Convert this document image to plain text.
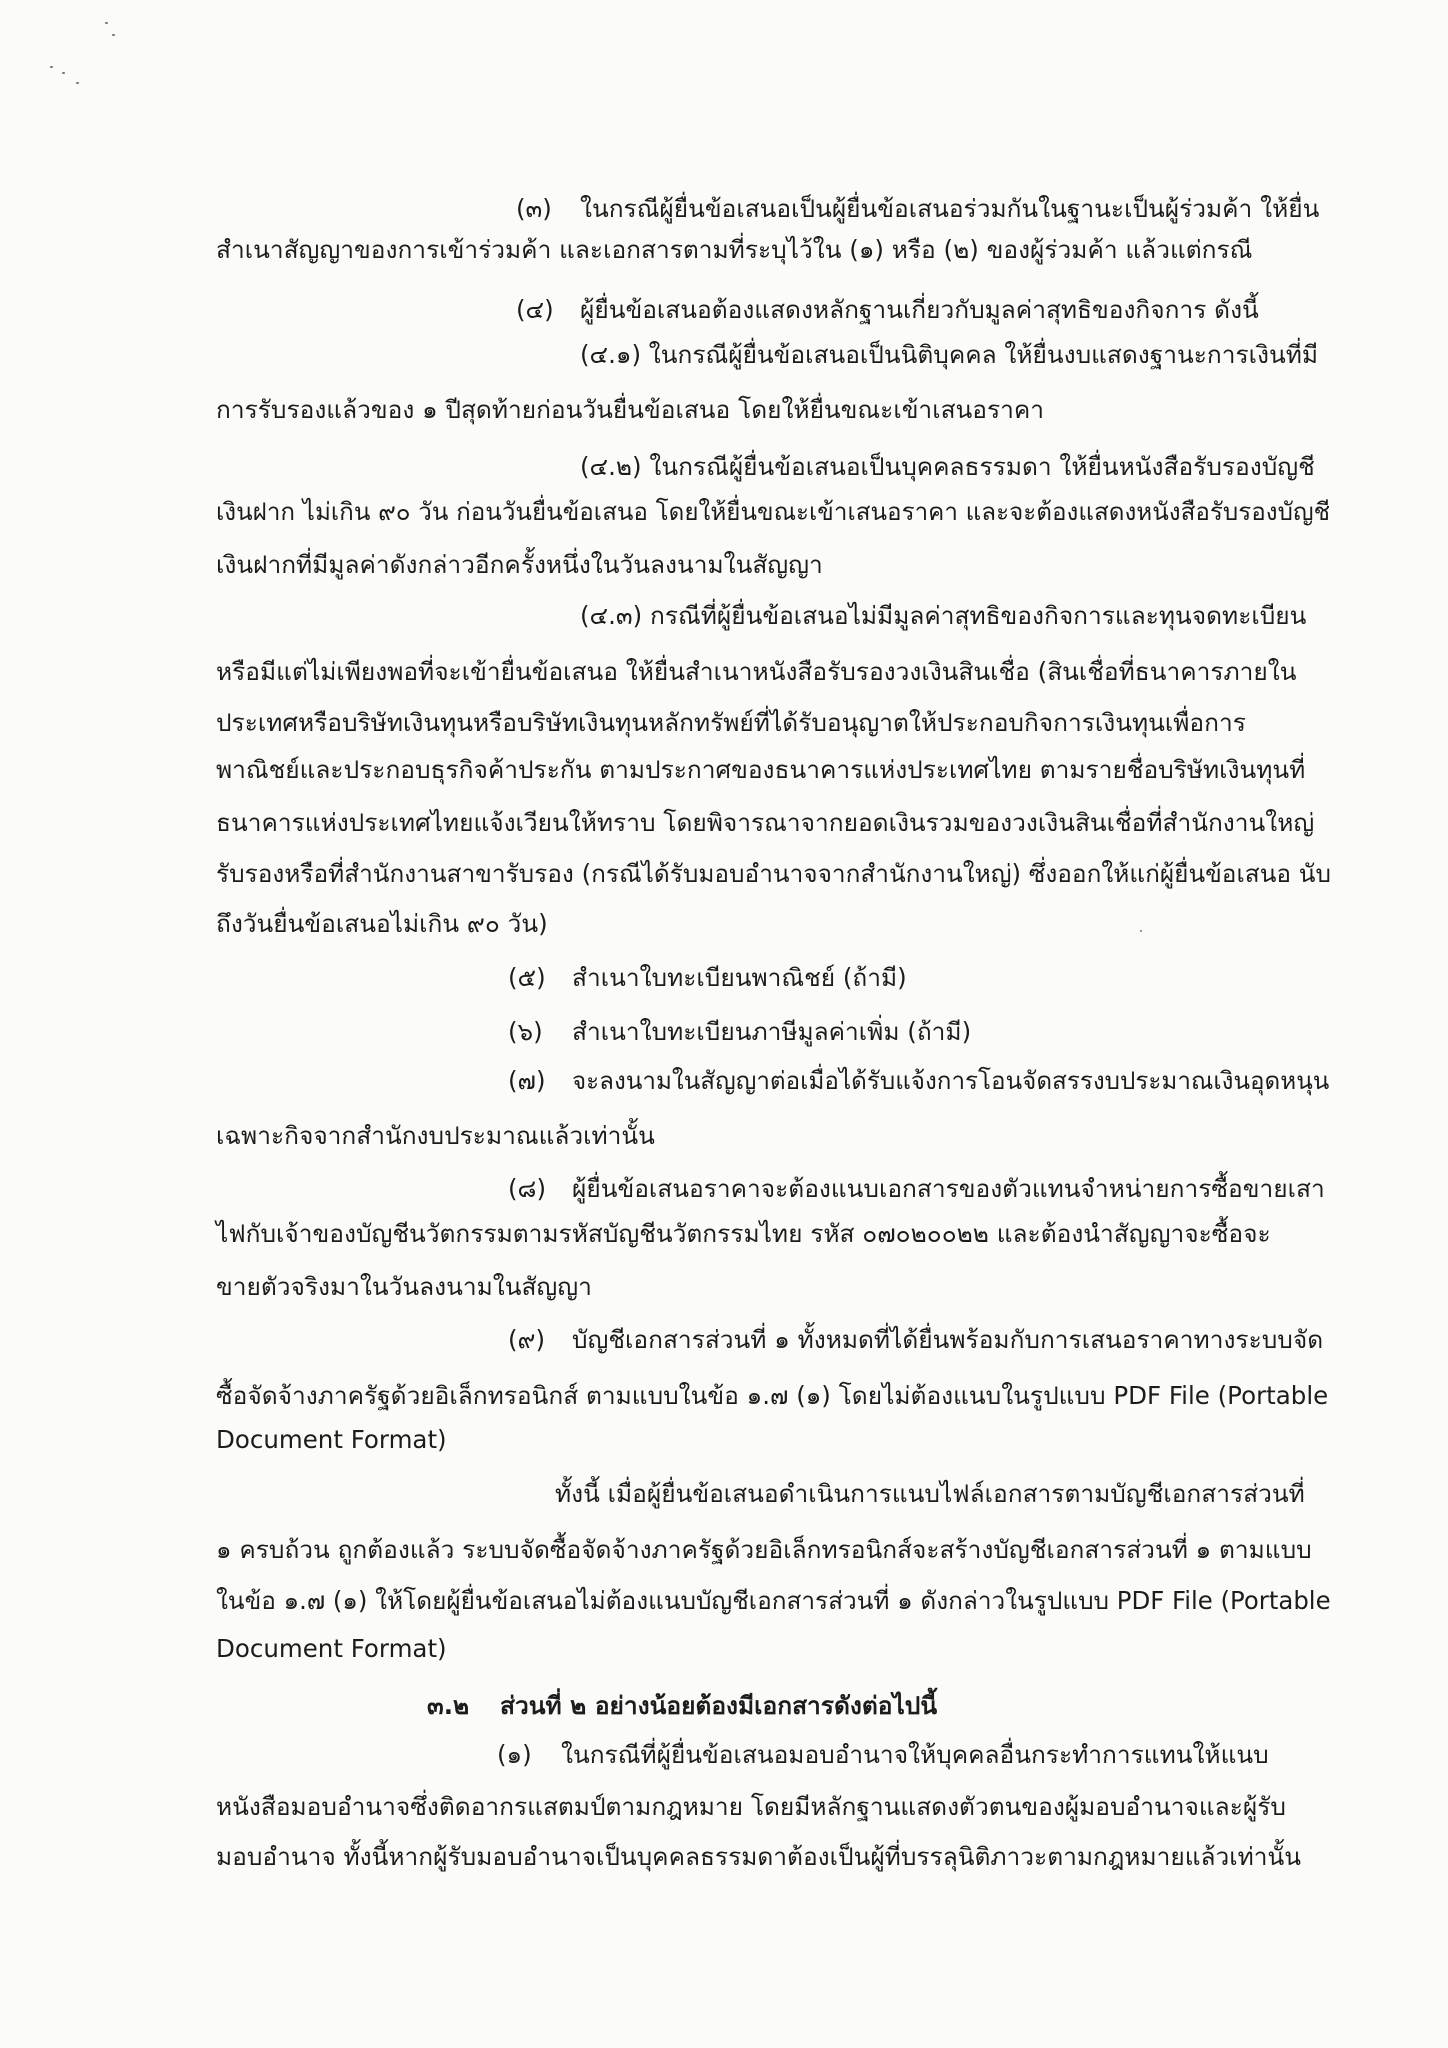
(๓) ในกรณีผู้ยื่นข้อเสนอเป็นผู้ยื่นข้อเสนอร่วมกันในฐานะเป็นผู้ร่วมค้า ให้ยื่น
สำเนาสัญญาของการเข้าร่วมค้า และเอกสารตามที่ระบุไว้ใน (๑) หรือ (๒) ของผู้ร่วมค้า แล้วแต่กรณี
(๔) ผู้ยื่นข้อเสนอต้องแสดงหลักฐานเกี่ยวกับมูลค่าสุทธิของกิจการ ดังนี้
(๔.๑) ในกรณีผู้ยื่นข้อเสนอเป็นนิติบุคคล ให้ยื่นงบแสดงฐานะการเงินที่มี
การรับรองแล้วของ ๑ ปีสุดท้ายก่อนวันยื่นข้อเสนอ โดยให้ยื่นขณะเข้าเสนอราคา
(๔.๒) ในกรณีผู้ยื่นข้อเสนอเป็นบุคคลธรรมดา ให้ยื่นหนังสือรับรองบัญชี
เงินฝาก ไม่เกิน ๙๐ วัน ก่อนวันยื่นข้อเสนอ โดยให้ยื่นขณะเข้าเสนอราคา และจะต้องแสดงหนังสือรับรองบัญชี
เงินฝากที่มีมูลค่าดังกล่าวอีกครั้งหนึ่งในวันลงนามในสัญญา
(๔.๓) กรณีที่ผู้ยื่นข้อเสนอไม่มีมูลค่าสุทธิของกิจการและทุนจดทะเบียน
หรือมีแต่ไม่เพียงพอที่จะเข้ายื่นข้อเสนอ ให้ยื่นสำเนาหนังสือรับรองวงเงินสินเชื่อ (สินเชื่อที่ธนาคารภายใน
ประเทศหรือบริษัทเงินทุนหรือบริษัทเงินทุนหลักทรัพย์ที่ได้รับอนุญาตให้ประกอบกิจการเงินทุนเพื่อการ
พาณิชย์และประกอบธุรกิจค้าประกัน ตามประกาศของธนาคารแห่งประเทศไทย ตามรายชื่อบริษัทเงินทุนที่
ธนาคารแห่งประเทศไทยแจ้งเวียนให้ทราบ โดยพิจารณาจากยอดเงินรวมของวงเงินสินเชื่อที่สำนักงานใหญ่
รับรองหรือที่สำนักงานสาขารับรอง (กรณีได้รับมอบอำนาจจากสำนักงานใหญ่) ซึ่งออกให้แก่ผู้ยื่นข้อเสนอ นับ
ถึงวันยื่นข้อเสนอไม่เกิน ๙๐ วัน)
(๕) สำเนาใบทะเบียนพาณิชย์ (ถ้ามี)
(๖) สำเนาใบทะเบียนภาษีมูลค่าเพิ่ม (ถ้ามี)
(๗) จะลงนามในสัญญาต่อเมื่อได้รับแจ้งการโอนจัดสรรงบประมาณเงินอุดหนุน
เฉพาะกิจจากสำนักงบประมาณแล้วเท่านั้น
(๘) ผู้ยื่นข้อเสนอราคาจะต้องแนบเอกสารของตัวแทนจำหน่ายการซื้อขายเสา
ไฟกับเจ้าของบัญชีนวัตกรรมตามรหัสบัญชีนวัตกรรมไทย รหัส ๐๗๐๒๐๐๒๒ และต้องนำสัญญาจะซื้อจะ
ขายตัวจริงมาในวันลงนามในสัญญา
(๙) บัญชีเอกสารส่วนที่ ๑ ทั้งหมดที่ได้ยื่นพร้อมกับการเสนอราคาทางระบบจัด
ซื้อจัดจ้างภาครัฐด้วยอิเล็กทรอนิกส์ ตามแบบในข้อ ๑.๗ (๑) โดยไม่ต้องแนบในรูปแบบ PDF File (Portable
Document Format)
ทั้งนี้ เมื่อผู้ยื่นข้อเสนอดำเนินการแนบไฟล์เอกสารตามบัญชีเอกสารส่วนที่
๑ ครบถ้วน ถูกต้องแล้ว ระบบจัดซื้อจัดจ้างภาครัฐด้วยอิเล็กทรอนิกส์จะสร้างบัญชีเอกสารส่วนที่ ๑ ตามแบบ
ในข้อ ๑.๗ (๑) ให้โดยผู้ยื่นข้อเสนอไม่ต้องแนบบัญชีเอกสารส่วนที่ ๑ ดังกล่าวในรูปแบบ PDF File (Portable
Document Format)
๓.๒ ส่วนที่ ๒ อย่างน้อยต้องมีเอกสารดังต่อไปนี้
(๑) ในกรณีที่ผู้ยื่นข้อเสนอมอบอำนาจให้บุคคลอื่นกระทำการแทนให้แนบ
หนังสือมอบอำนาจซึ่งติดอากรแสตมป์ตามกฎหมาย โดยมีหลักฐานแสดงตัวตนของผู้มอบอำนาจและผู้รับ
มอบอำนาจ ทั้งนี้หากผู้รับมอบอำนาจเป็นบุคคลธรรมดาต้องเป็นผู้ที่บรรลุนิติภาวะตามกฎหมายแล้วเท่านั้น
